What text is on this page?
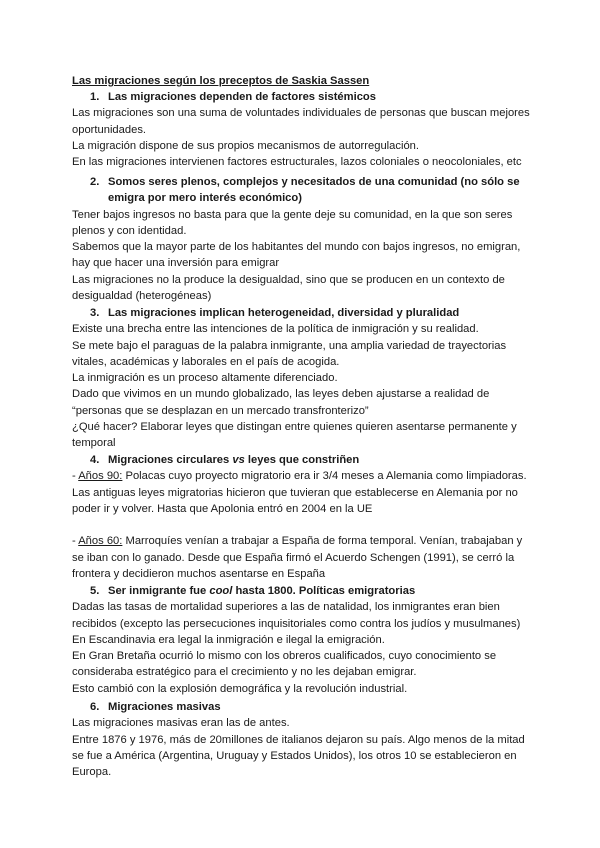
Las migraciones según los preceptos de Saskia Sassen
1. Las migraciones dependen de factores sistémicos

Las migraciones son una suma de voluntades individuales de personas que buscan mejores oportunidades.

La migración dispone de sus propios mecanismos de autorregulación.

En las migraciones intervienen factores estructurales, lazos coloniales o neocoloniales, etc

2. Somos seres plenos, complejos y necesitados de una comunidad (no sólo se emigra por mero interés económico)

Tener bajos ingresos no basta para que la gente deje su comunidad, en la que son seres plenos y con identidad.

Sabemos que la mayor parte de los habitantes del mundo con bajos ingresos, no emigran, hay que hacer una inversión para emigrar

Las migraciones no la produce la desigualdad, sino que se producen en un contexto de desigualdad (heterogéneas)

3. Las migraciones implican heterogeneidad, diversidad y pluralidad

Existe una brecha entre las intenciones de la política de inmigración y su realidad.

Se mete bajo el paraguas de la palabra inmigrante, una amplia variedad de trayectorias vitales, académicas y laborales en el país de acogida.

La inmigración es un proceso altamente diferenciado.

Dado que vivimos en un mundo globalizado, las leyes deben ajustarse a realidad de “personas que se desplazan en un mercado transfronterizo”

¿Qué hacer? Elaborar leyes que distingan entre quienes quieren asentarse permanente y temporal

4. Migraciones circulares vs leyes que constriñen

- Años 90: Polacas cuyo proyecto migratorio era ir 3/4 meses a Alemania como limpiadoras. Las antiguas leyes migratorias hicieron que tuvieran que establecerse en Alemania por no poder ir y volver. Hasta que Apolonia entró en 2004 en la UE

- Años 60: Marroquíes venían a trabajar a España de forma temporal. Venían, trabajaban y se iban con lo ganado. Desde que España firmó el Acuerdo Schengen (1991), se cerró la frontera y decidieron muchos asentarse en España

5. Ser inmigrante fue cool hasta 1800. Políticas emigratorias

Dadas las tasas de mortalidad superiores a las de natalidad, los inmigrantes eran bien recibidos (excepto las persecuciones inquisitoriales como contra los judíos y musulmanes)

En Escandinavia era legal la inmigración e ilegal la emigración.

En Gran Bretaña ocurrió lo mismo con los obreros cualificados, cuyo conocimiento se consideraba estratégico para el crecimiento y no les dejaban emigrar.

Esto cambió con la explosión demográfica y la revolución industrial.

6. Migraciones masivas

Las migraciones masivas eran las de antes.

Entre 1876 y 1976, más de 20millones de italianos dejaron su país. Algo menos de la mitad se fue a América (Argentina, Uruguay y Estados Unidos), los otros 10 se establecieron en Europa.
